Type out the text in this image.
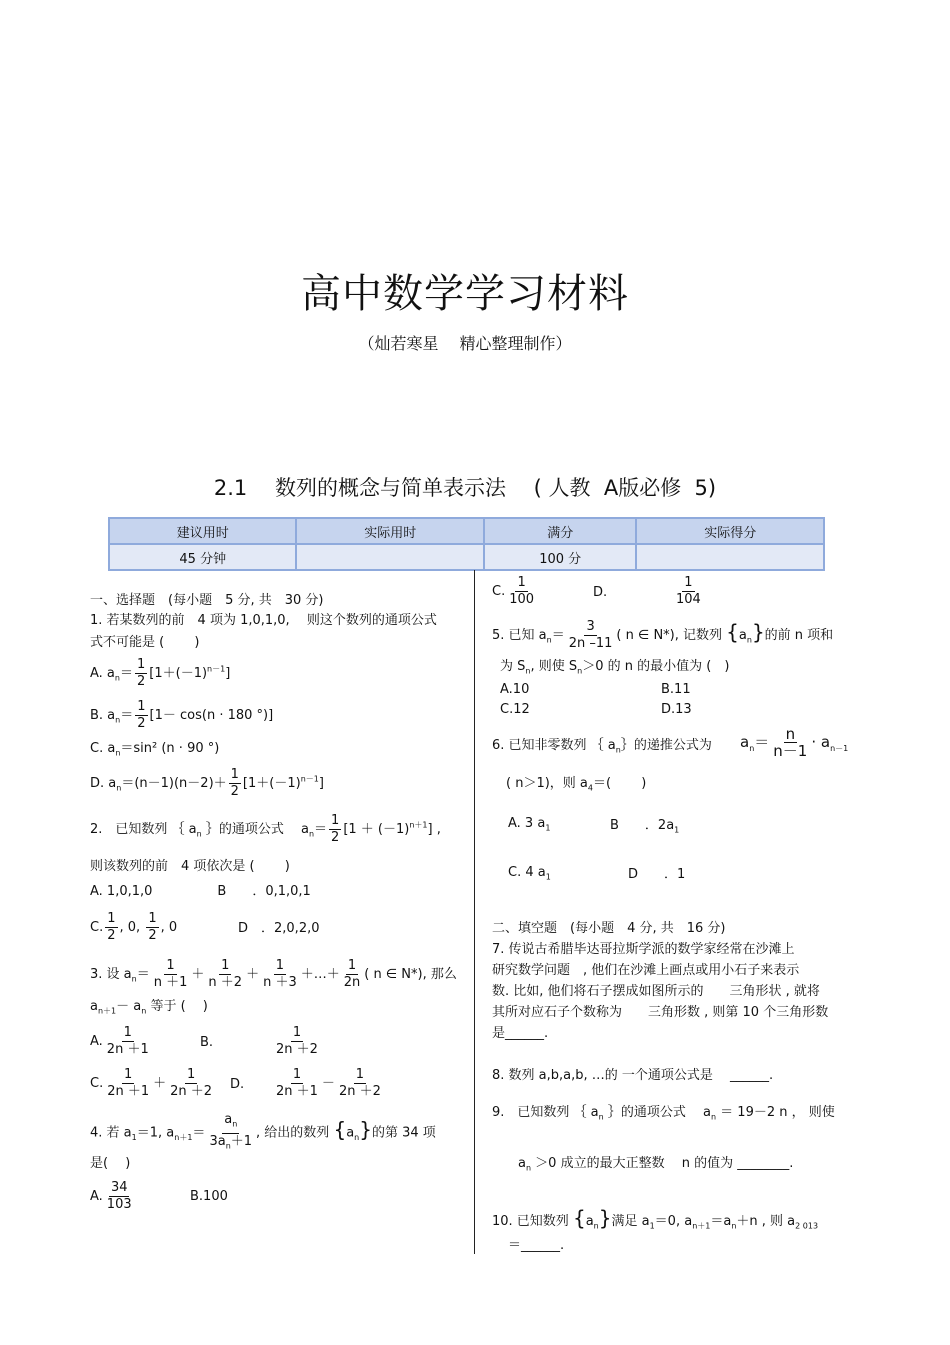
高中数学学习材料
（灿若寒星　 精心整理制作）
2.1　 数列的概念与简单表示法　 ( 人教  A版必修  5)
建议用时	实际用时	满分	实际得分
45 分钟		100 分	
一、选择题　(每小题　5 分, 共　30 分)
1. 若某数列的前　4 项为 1,0,1,0,　 则这个数列的通项公式
式不可能是 (　　 )
A. $a_n= \frac{1}{2} [1+(-1)^{n-1}]$
B. $a_n= \frac{1}{2} [1- \cos(n \cdot 180$ °)]
C. $a_n=\sin^2$ (n · 90 °)
D. $a_n=(n-1)(n-2)+ \frac{1}{2} [1+(-1)^{n-1}]$
2.　已知数列 ｛ $a_n$ ｝的通项公式　 $a_n= \frac{1}{2} [1 + (-1)^{n+1}]$ ,
则该数列的前　4 项依次是 (　　 )
A. 1,0,1,0　　　　　B　　．0,1,0,1
C. $\frac{1}{2}$ , 0, $\frac{1}{2}$ , 0	D　．2,0,2,0
3. 设 $a_n= \frac{1}{n +1} + \frac{1}{n +2} + \frac{1}{n +3}$ ＋…＋ $\frac{1}{2n}$ ( n ∈ N*), 那么
$a_{n+1}- a_n$ 等于 (　 )
A. $\frac{1}{2n +1}$	B.	$\frac{1}{2n +2}$
C. $\frac{1}{2n +1} + \frac{1}{2n +2} D$. $\frac{1}{2n +1} - \frac{1}{2n +2}$
4. 若 $a_1=1$, $a_{n+1}= \frac{a_n}{3a_n+1}$ , 给出的数列 $\{a_n\}$的第 34 项
是(　 )
A. $\frac{34}{103}$	B.100
C. $\frac{1}{100}$	D.	$\frac{1}{104}$
5. 已知 $a_n= \frac{3}{2n -11}$ ( n ∈ N*), 记数列 $\{a_n\}$的前 n 项和
为 $S_n$, 则使 $S_n>0$ 的 n 的最小值为 (　)
A.10	B.11
C.12	D.13
6. 已知非零数列 ｛ $a_n\}$的递推公式为 $a_n= \frac{n}{n-1} \cdot a_{n-1}$
( n＞1)，则 $a_4=$(　　 )
A. 3 $a_1$	B　　．$2a_1$
C. 4 $a_1$	D　　．1
二、填空题　(每小题　4 分, 共　16 分)
7. 传说古希腊毕达哥拉斯学派的数学家经常在沙滩上
研究数学问题　, 他们在沙滩上画点或用小石子来表示
数. 比如, 他们将石子摆成如图所示的　　三角形状 , 就将
其所对应石子个数称为　　三角形数 , 则第 10 个三角形数
是______.
8. 数列 a,b,a,b, …的 一个通项公式是　 ______.
9.　已知数列 ｛ $a_n$ ｝的通项公式　 $a_n = 19-2$ n ， 则使
$a_n >0$ 成立的最大正整数　 n 的值为 ________.
10. 已知数列 $\{a_n\}$满足 $a_1=0$, $a_{n+1}=a_n+n$ , 则 $a_{2 013}$
＝______.
